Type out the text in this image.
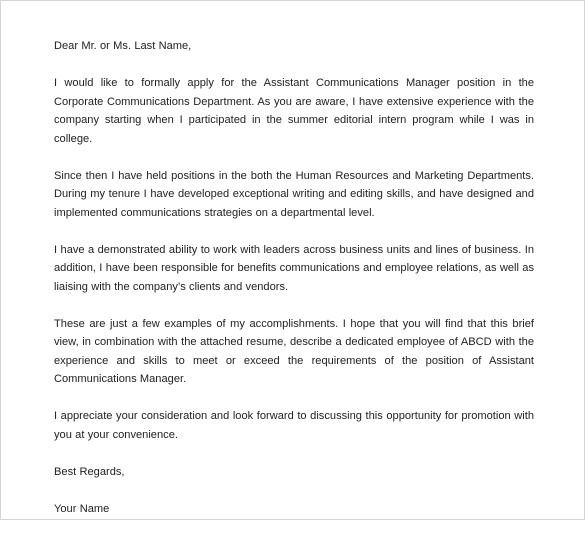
Dear Mr. or Ms. Last Name,

I would like to formally apply for the Assistant Communications Manager position in the Corporate Communications Department. As you are aware, I have extensive experience with the company starting when I participated in the summer editorial intern program while I was in college.

Since then I have held positions in the both the Human Resources and Marketing Departments. During my tenure I have developed exceptional writing and editing skills, and have designed and implemented communications strategies on a departmental level.

I have a demonstrated ability to work with leaders across business units and lines of business. In addition, I have been responsible for benefits communications and employee relations, as well as liaising with the company’s clients and vendors.

These are just a few examples of my accomplishments. I hope that you will find that this brief view, in combination with the attached resume, describe a dedicated employee of ABCD with the experience and skills to meet or exceed the requirements of the position of Assistant Communications Manager.

I appreciate your consideration and look forward to discussing this opportunity for promotion with you at your convenience.

Best Regards,

Your Name
